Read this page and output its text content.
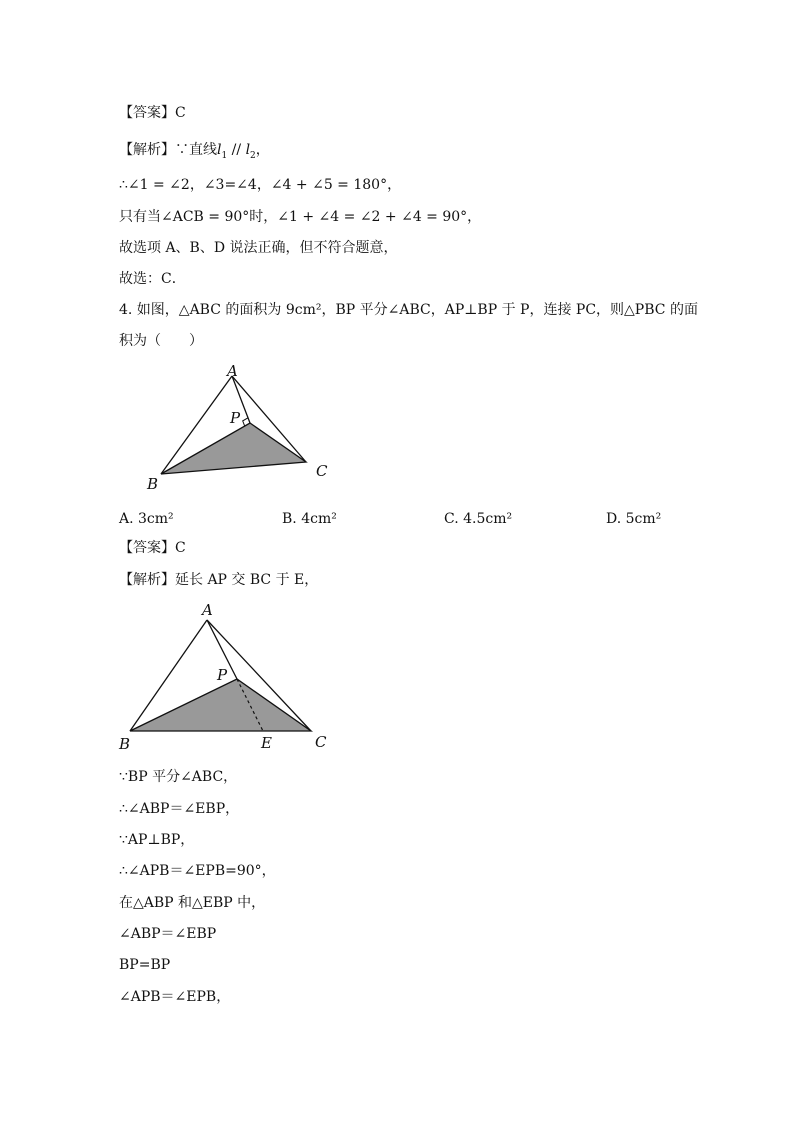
【答案】C
【解析】∵直线$l_1 // l_2$，
∴∠1 = ∠2，∠3=∠4，∠4 + ∠5 = 180°，
只有当∠ACB = 90°时，∠1 + ∠4 = ∠2 + ∠4 = 90°，
故选项 A、B、D 说法正确，但不符合题意，
故选：C．
4. 如图，△ABC 的面积为 9cm²，BP 平分∠ABC，AP⊥BP 于 P，连接 PC，则△PBC 的面
积为（　　）
A
P
B
C
A. 3cm²	B. 4cm²	C. 4.5cm²	D. 5cm²
【答案】C
【解析】延长 AP 交 BC 于 E，
A
P
B	E	C
∵BP 平分∠ABC，
∴∠ABP＝∠EBP，
∵AP⊥BP，
∴∠APB＝∠EPB=90°，
在△ABP 和△EBP 中，
∠ABP＝∠EBP
BP=BP
∠APB＝∠EPB，
